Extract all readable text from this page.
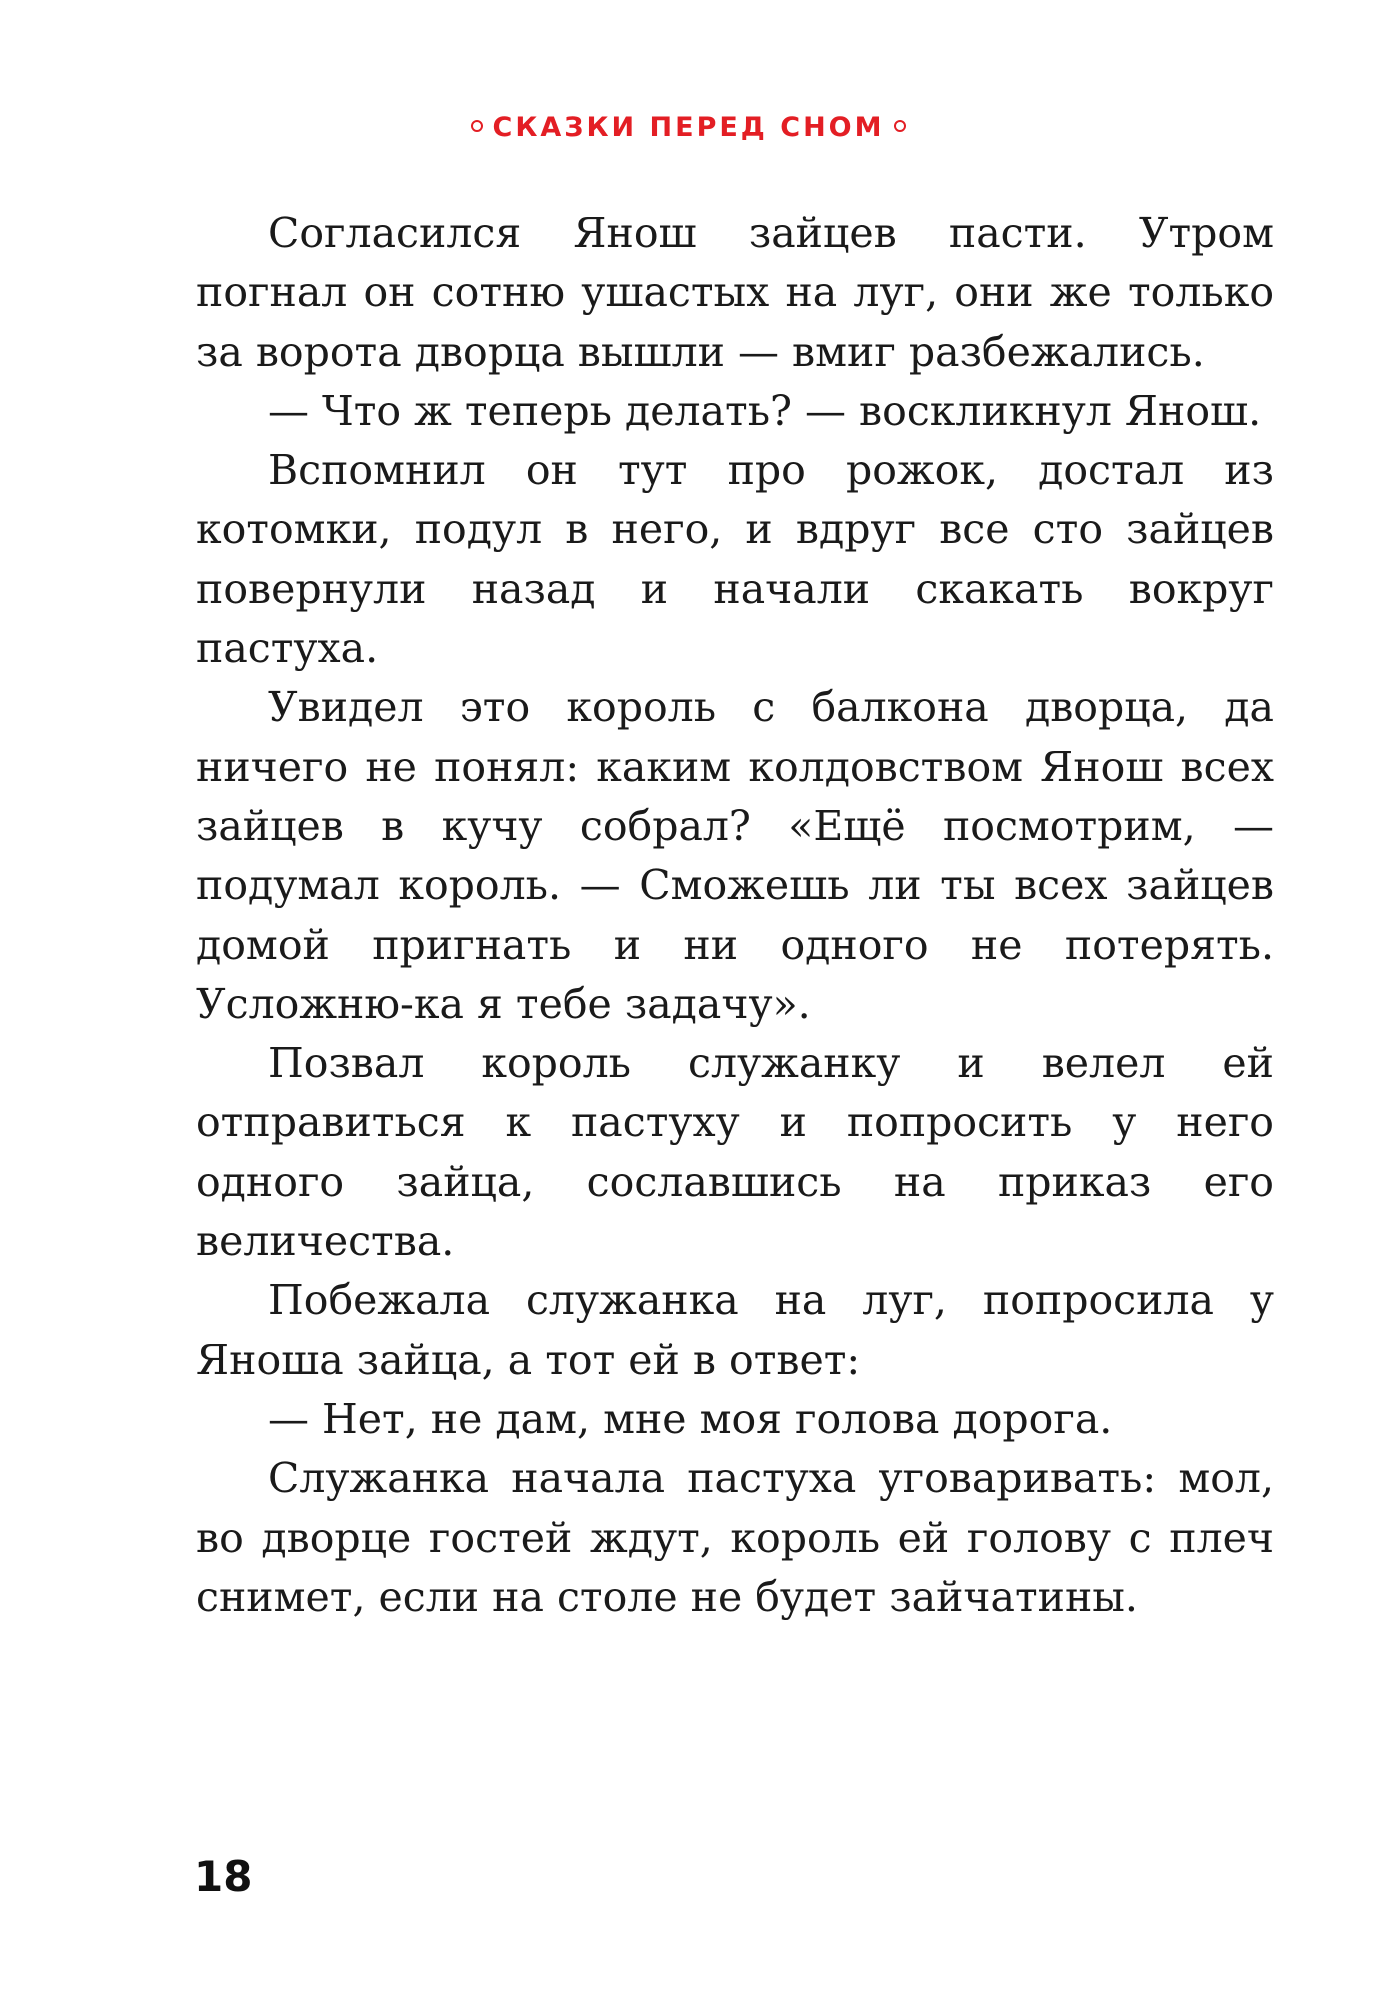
СКАЗКИ ПЕРЕД СНОМ

Согласился Янош зайцев пасти. Утром погнал он сотню ушастых на луг, они же только за ворота дворца вышли — вмиг разбежались.

— Что ж теперь делать? — воскликнул Янош.

Вспомнил он тут про рожок, достал из котомки, подул в него, и вдруг все сто зайцев повернули назад и начали скакать вокруг пастуха.

Увидел это король с балкона дворца, да ничего не понял: каким колдовством Янош всех зайцев в кучу собрал? «Ещё посмотрим, — подумал король. — Сможешь ли ты всех зайцев домой пригнать и ни одного не потерять. Усложню-ка я тебе задачу».

Позвал король служанку и велел ей отправиться к пастуху и попросить у него одного зайца, сославшись на приказ его величества.

Побежала служанка на луг, попросила у Яноша зайца, а тот ей в ответ:

— Нет, не дам, мне моя голова дорога.

Служанка начала пастуха уговаривать: мол, во дворце гостей ждут, король ей голову с плеч снимет, если на столе не будет зайчатины.

18
